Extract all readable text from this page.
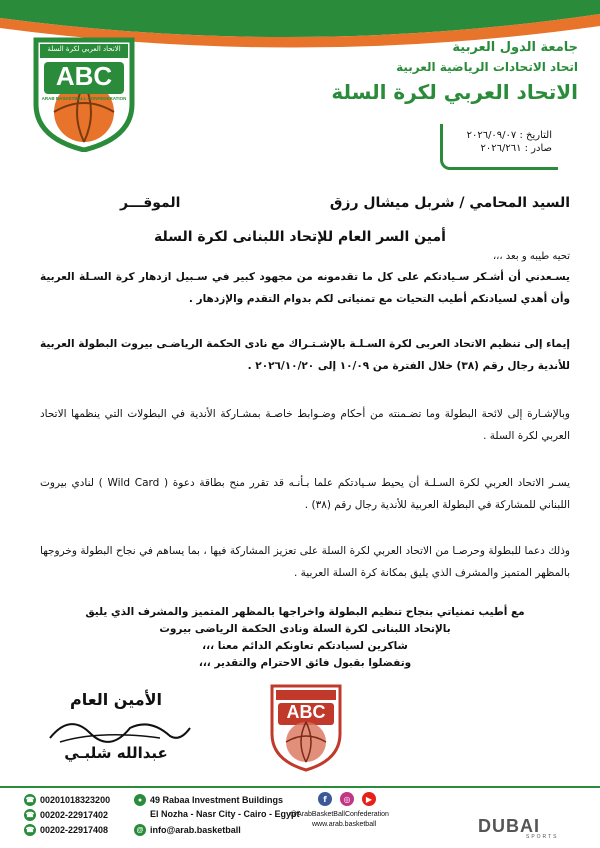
الاتحاد العربي لكرة السلة
ABC
ARAB BASKETBALL CONFEDERATION
جامعة الدول العربية
اتحاد الاتحادات الرياضية العربية
الاتحاد العربي لكرة السلة
التاريخ : ٢٠٢٦/٠٩/٠٧
صادر : ٢٠٢٦/٢٦١
السيد المحامي / شربل ميشال رزق
الموقـــر
أمين السر العام للإتحاد اللبنانى لكرة السلة
تحيه طيبه و بعد ،،،
يسـعدني أن أشـكر سـيادتكم على كل ما تقدمونه من مجهود كبير في سـبيل ازدهار كرة السـلة العربية وأن أهدي لسيادتكم أطيب التحيات مع تمنياتى لكم بدوام التقدم والإزدهار .
إيماء إلى تنظيم الاتحاد العربى لكرة السـلـة بالإشـتـراك مع نادى الحكمة الرياضـى بيروت البطولة العربية للأندية رجال رقم (٣٨) خلال الفترة من ١٠/٠٩ إلى ٢٠٢٦/١٠/٢٠ .
وبالإشـارة إلى لائحة البطولة وما تضـمنته من أحكام وضـوابط خاصـة بمشـاركة الأندية في البطولات التي ينظمها الاتحاد العربي لكرة السلة .
يسـر الاتحاد العربي لكرة السـلـة أن يحيط سـيادتكم علما بـأنـه قد تقرر منح بطاقة دعوة ( Wild Card ) لنادي بيروت اللبناني للمشاركة في البطولة العربية للأندية رجال رقم (٣٨) .
وذلك دعما للبطولة وحرصـا من الاتحاد العربي لكرة السلة على تعزيز المشاركة فيها ، بما يساهم في نجاح البطولة وخروجها بالمظهر المتميز والمشرف الذي يليق بمكانة كرة السلة العربية .
مع أطيب تمنياتي بنجاح تنظيم البطولة واخراجها بالمظهر المتميز والمشرف الذي يليق
بالإتحاد اللبنانى لكرة السلة ونادى الحكمة الرياضى بيروت
شاكرين لسيادتكم تعاونكم الدائم معنا ،،،
وتفضلوا بقبول فائق الاحترام والتقدير ،،،
الأمين العام
عبدالله شلبـي
ABC
☎ 00201018323200
☎ 00202-22917402
☎ 00202-22917408
● 49 Rabaa Investment Buildings
El Nozha - Nasr City - Cairo - Egypt
@ info@arab.basketball
f	◎	▶
@ArabBasketBallConfederation
www.arab.basketball	DUBAI
SPORTS
